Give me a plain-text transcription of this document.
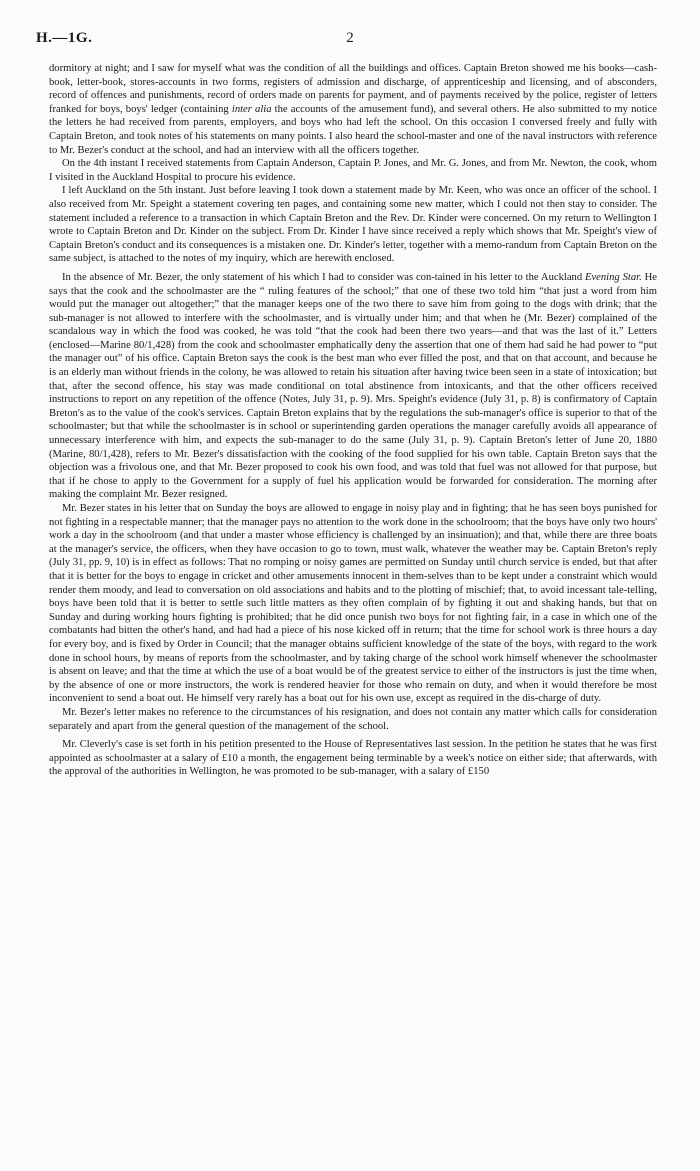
H.—1G.	2

dormitory at night; and I saw for myself what was the condition of all the buildings and offices. Captain Breton showed me his books—cash-book, letter-book, stores-accounts in two forms, registers of admission and discharge, of apprenticeship and licensing, and of absconders, record of offences and punishments, record of orders made on parents for payment, and of payments received by the police, register of letters franked for boys, boys' ledger (containing inter alia the accounts of the amusement fund), and several others. He also submitted to my notice the letters he had received from parents, employers, and boys who had left the school. On this occasion I conversed freely and fully with Captain Breton, and took notes of his statements on many points. I also heard the school-master and one of the naval instructors with reference to Mr. Bezer's conduct at the school, and had an interview with all the officers together.

On the 4th instant I received statements from Captain Anderson, Captain P. Jones, and Mr. G. Jones, and from Mr. Newton, the cook, whom I visited in the Auckland Hospital to procure his evidence.

I left Auckland on the 5th instant. Just before leaving I took down a statement made by Mr. Keen, who was once an officer of the school. I also received from Mr. Speight a statement covering ten pages, and containing some new matter, which I could not then stay to consider. The statement included a reference to a transaction in which Captain Breton and the Rev. Dr. Kinder were concerned. On my return to Wellington I wrote to Captain Breton and Dr. Kinder on the subject. From Dr. Kinder I have since received a reply which shows that Mr. Speight's view of Captain Breton's conduct and its consequences is a mistaken one. Dr. Kinder's letter, together with a memo-randum from Captain Breton on the same subject, is attached to the notes of my inquiry, which are herewith enclosed.

In the absence of Mr. Bezer, the only statement of his which I had to consider was con-tained in his letter to the Auckland Evening Star. He says that the cook and the schoolmaster are the “ ruling features of the school;” that one of these two told him “that just a word from him would put the manager out altogether;” that the manager keeps one of the two there to save him from going to the dogs with drink; that the sub-manager is not allowed to interfere with the schoolmaster, and is virtually under him; and that when he (Mr. Bezer) complained of the scandalous way in which the food was cooked, he was told “that the cook had been there two years—and that was the last of it.” Letters (enclosed—Marine 80/1,428) from the cook and schoolmaster emphatically deny the assertion that one of them had said he had power to “put the manager out” of his office. Captain Breton says the cook is the best man who ever filled the post, and that on that account, and because he is an elderly man without friends in the colony, he was allowed to retain his situation after having twice been seen in a state of intoxication; but that, after the second offence, his stay was made conditional on total abstinence from intoxicants, and that the other officers received instructions to report on any repetition of the offence (Notes, July 31, p. 9). Mrs. Speight's evidence (July 31, p. 8) is confirmatory of Captain Breton's as to the value of the cook's services. Captain Breton explains that by the regulations the sub-manager's office is superior to that of the schoolmaster; but that while the schoolmaster is in school or superintending garden operations the manager carefully avoids all appearance of unnecessary interference with him, and expects the sub-manager to do the same (July 31, p. 9). Captain Breton's letter of June 20, 1880 (Marine, 80/1,428), refers to Mr. Bezer's dissatisfaction with the cooking of the food supplied for his own table. Captain Breton says that the objection was a frivolous one, and that Mr. Bezer proposed to cook his own food, and was told that fuel was not allowed for that purpose, but that if he chose to apply to the Government for a supply of fuel his application would be forwarded for consideration. The morning after making the complaint Mr. Bezer resigned.

Mr. Bezer states in his letter that on Sunday the boys are allowed to engage in noisy play and in fighting; that he has seen boys punished for not fighting in a respectable manner; that the manager pays no attention to the work done in the schoolroom; that the boys have only two hours' work a day in the schoolroom (and that under a master whose efficiency is challenged by an insinuation); and that, while there are three boats at the manager's service, the officers, when they have occasion to go to town, must walk, whatever the weather may be. Captain Breton's reply (July 31, pp. 9, 10) is in effect as follows: That no romping or noisy games are permitted on Sunday until church service is ended, but that after that it is better for the boys to engage in cricket and other amusements innocent in them-selves than to be kept under a constraint which would render them moody, and lead to conversation on old associations and habits and to the plotting of mischief; that, to avoid incessant tale-telling, boys have been told that it is better to settle such little matters as they often complain of by fighting it out and shaking hands, but that on Sunday and during working hours fighting is prohibited; that he did once punish two boys for not fighting fair, in a case in which one of the combatants had bitten the other's hand, and had had a piece of his nose kicked off in return; that the time for school work is three hours a day for every boy, and is fixed by Order in Council; that the manager obtains sufficient knowledge of the state of the boys, with regard to the work done in school hours, by means of reports from the schoolmaster, and by taking charge of the school work himself whenever the schoolmaster is absent on leave; and that the time at which the use of a boat would be of the greatest service to either of the instructors is just the time when, by the absence of one or more instructors, the work is rendered heavier for those who remain on duty, and when it would therefore be most inconvenient to send a boat out. He himself very rarely has a boat out for his own use, except as required in the dis-charge of duty.

Mr. Bezer's letter makes no reference to the circumstances of his resignation, and does not contain any matter which calls for consideration separately and apart from the general question of the management of the school.

Mr. Cleverly's case is set forth in his petition presented to the House of Representatives last session. In the petition he states that he was first appointed as schoolmaster at a salary of £10 a month, the engagement being terminable by a week's notice on either side; that afterwards, with the approval of the authorities in Wellington, he was promoted to be sub-manager, with a salary of £150
